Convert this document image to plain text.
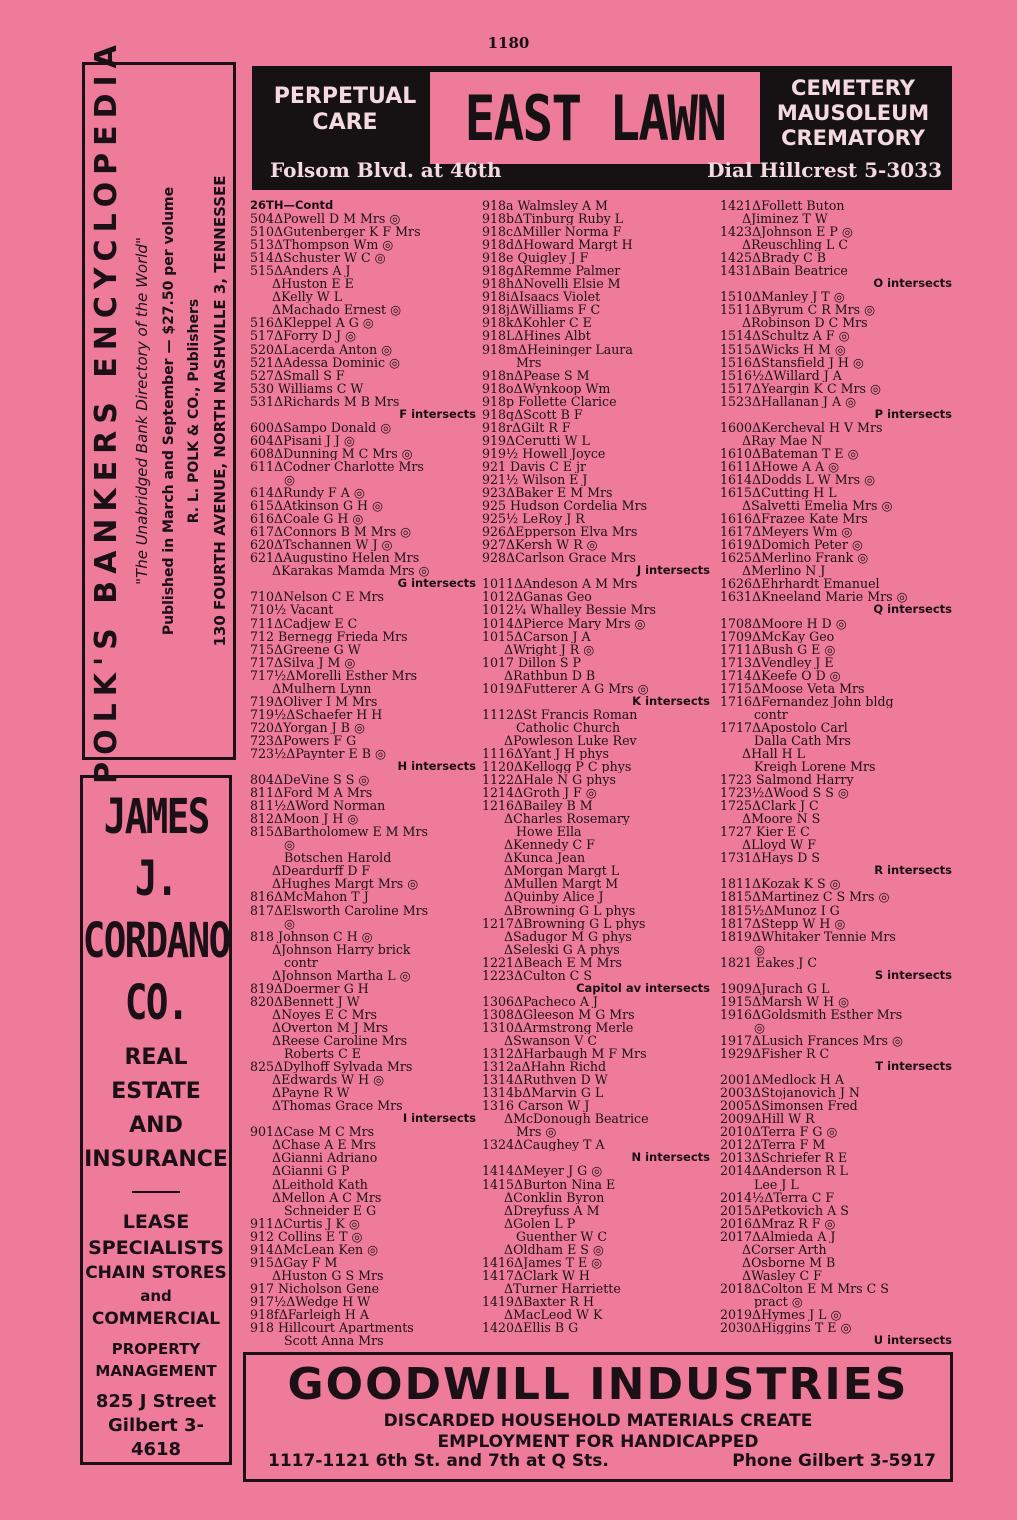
1180
POLK'S BANKERS ENCYCLOPEDIA "The Unabridged Bank Directory of the World" Published in March and September — $27.50 per volume R. L. POLK & CO., Publishers 130 FOURTH AVENUE, NORTH NASHVILLE 3, TENNESSEE
JAMES
J.
CORDANO
CO.
REAL
ESTATE
AND
INSURANCE
LEASE
SPECIALISTS
CHAIN STORES
and
COMMERCIAL
PROPERTY
MANAGEMENT
825 J Street
Gilbert 3-4618
PERPETUAL
CARE	EAST LAWN	CEMETERY
MAUSOLEUM
CREMATORY
Folsom Blvd. at 46th	Dial Hillcrest 5-3033
26TH—Contd
504ΔPowell D M Mrs ◎
510ΔGutenberger K F Mrs
513ΔThompson Wm ◎
514ΔSchuster W C ◎
515ΔAnders A J
ΔHuston E E
ΔKelly W L
ΔMachado Ernest ◎
516ΔKleppel A G ◎
517ΔForry D J ◎
520ΔLacerda Anton ◎
521ΔAdessa Dominic ◎
527ΔSmall S F
530 Williams C W
531ΔRichards M B Mrs
F intersects
600ΔSampo Donald ◎
604ΔPisani J J ◎
608ΔDunning M C Mrs ◎
611ΔCodner Charlotte Mrs
◎
614ΔRundy F A ◎
615ΔAtkinson G H ◎
616ΔCoale G H ◎
617ΔConnors B M Mrs ◎
620ΔTschannen W J ◎
621ΔAugustino Helen Mrs
ΔKarakas Mamda Mrs ◎
G intersects
710ΔNelson C E Mrs
710½ Vacant
711ΔCadjew E C
712 Bernegg Frieda Mrs
715ΔGreene G W
717ΔSilva J M ◎
717½ΔMorelli Esther Mrs
ΔMulhern Lynn
719ΔOliver I M Mrs
719½ΔSchaefer H H
720ΔYorgan J B ◎
723ΔPowers F G
723½ΔPaynter E B ◎
H intersects
804ΔDeVine S S ◎
811ΔFord M A Mrs
811½ΔWord Norman
812ΔMoon J H ◎
815ΔBartholomew E M Mrs
◎
Botschen Harold
ΔDeardurff D F
ΔHughes Margt Mrs ◎
816ΔMcMahon T J
817ΔElsworth Caroline Mrs
◎
818 Johnson C H ◎
ΔJohnson Harry brick
contr
ΔJohnson Martha L ◎
819ΔDoermer G H
820ΔBennett J W
ΔNoyes E C Mrs
ΔOverton M J Mrs
ΔReese Caroline Mrs
Roberts C E
825ΔDylhoff Sylvada Mrs
ΔEdwards W H ◎
ΔPayne R W
ΔThomas Grace Mrs
I intersects
901ΔCase M C Mrs
ΔChase A E Mrs
ΔGianni Adriano
ΔGianni G P
ΔLeithold Kath
ΔMellon A C Mrs
Schneider E G
911ΔCurtis J K ◎
912 Collins E T ◎
914ΔMcLean Ken ◎
915ΔGay F M
ΔHuston G S Mrs
917 Nicholson Gene
917½ΔWedge H W
918fΔFarleigh H A
918 Hillcourt Apartments
Scott Anna Mrs
918a Walmsley A M
918bΔTinburg Ruby L
918cΔMiller Norma F
918dΔHoward Margt H
918e Quigley J F
918gΔRemme Palmer
918hΔNovelli Elsie M
918iΔIsaacs Violet
918jΔWilliams F C
918kΔKohler C E
918LΔHines Albt
918mΔHeininger Laura
Mrs
918nΔPease S M
918oΔWynkoop Wm
918p Follette Clarice
918qΔScott B F
918rΔGilt R F
919ΔCerutti W L
919½ Howell Joyce
921 Davis C E jr
921½ Wilson E J
923ΔBaker E M Mrs
925 Hudson Cordelia Mrs
925½ LeRoy J R
926ΔEpperson Elva Mrs
927ΔKersh W R ◎
928ΔCarlson Grace Mrs
J intersects
1011ΔAndeson A M Mrs
1012ΔGanas Geo
1012¼ Whalley Bessie Mrs
1014ΔPierce Mary Mrs ◎
1015ΔCarson J A
ΔWright J R ◎
1017 Dillon S P
ΔRathbun D B
1019ΔFutterer A G Mrs ◎
K intersects
1112ΔSt Francis Roman
Catholic Church
ΔPowleson Luke Rev
1116ΔYant J H phys
1120ΔKellogg P C phys
1122ΔHale N G phys
1214ΔGroth J F ◎
1216ΔBailey B M
ΔCharles Rosemary
Howe Ella
ΔKennedy C F
ΔKunca Jean
ΔMorgan Margt L
ΔMullen Margt M
ΔQuinby Alice J
ΔBrowning G L phys
1217ΔBrowning G L phys
ΔSadugor M G phys
ΔSeleski G A phys
1221ΔBeach E M Mrs
1223ΔCulton C S
Capitol av intersects
1306ΔPacheco A J
1308ΔGleeson M G Mrs
1310ΔArmstrong Merle
ΔSwanson V C
1312ΔHarbaugh M F Mrs
1312aΔHahn Richd
1314ΔRuthven D W
1314bΔMarvin G L
1316 Carson W J
ΔMcDonough Beatrice
Mrs ◎
1324ΔCaughey T A
N intersects
1414ΔMeyer J G ◎
1415ΔBurton Nina E
ΔConklin Byron
ΔDreyfuss A M
ΔGolen L P
Guenther W C
ΔOldham E S ◎
1416ΔJames T E ◎
1417ΔClark W H
ΔTurner Harriette
1419ΔBaxter R H
ΔMacLeod W K
1420ΔEllis B G
1421ΔFollett Buton
ΔJiminez T W
1423ΔJohnson E P ◎
ΔReuschling L C
1425ΔBrady C B
1431ΔBain Beatrice
O intersects
1510ΔManley J T ◎
1511ΔByrum C R Mrs ◎
ΔRobinson D C Mrs
1514ΔSchultz A F ◎
1515ΔWicks H M ◎
1516ΔStansfield J H ◎
1516½ΔWillard J A
1517ΔYeargin K C Mrs ◎
1523ΔHallanan J A ◎
P intersects
1600ΔKercheval H V Mrs
ΔRay Mae N
1610ΔBateman T E ◎
1611ΔHowe A A ◎
1614ΔDodds L W Mrs ◎
1615ΔCutting H L
ΔSalvetti Emelia Mrs ◎
1616ΔFrazee Kate Mrs
1617ΔMeyers Wm ◎
1619ΔDomich Peter ◎
1625ΔMerlino Frank ◎
ΔMerlino N J
1626ΔEhrhardt Emanuel
1631ΔKneeland Marie Mrs ◎
Q intersects
1708ΔMoore H D ◎
1709ΔMcKay Geo
1711ΔBush G E ◎
1713ΔVendley J E
1714ΔKeefe O D ◎
1715ΔMoose Veta Mrs
1716ΔFernandez John bldg
contr
1717ΔApostolo Carl
Dalla Cath Mrs
ΔHall H L
Kreigh Lorene Mrs
1723 Salmond Harry
1723½ΔWood S S ◎
1725ΔClark J C
ΔMoore N S
1727 Kier E C
ΔLloyd W F
1731ΔHays D S
R intersects
1811ΔKozak K S ◎
1815ΔMartinez C S Mrs ◎
1815½ΔMunoz I G
1817ΔStepp W H ◎
1819ΔWhitaker Tennie Mrs
◎
1821 Eakes J C
S intersects
1909ΔJurach G L
1915ΔMarsh W H ◎
1916ΔGoldsmith Esther Mrs
◎
1917ΔLusich Frances Mrs ◎
1929ΔFisher R C
T intersects
2001ΔMedlock H A
2003ΔStojanovich J N
2005ΔSimonsen Fred
2009ΔHill W R
2010ΔTerra F G ◎
2012ΔTerra F M
2013ΔSchriefer R E
2014ΔAnderson R L
Lee J L
2014½ΔTerra C F
2015ΔPetkovich A S
2016ΔMraz R F ◎
2017ΔAlmieda A J
ΔCorser Arth
ΔOsborne M B
ΔWasley C F
2018ΔColton E M Mrs C S
pract ◎
2019ΔHymes J L ◎
2030ΔHiggins T E ◎
U intersects
GOODWILL INDUSTRIES
DISCARDED HOUSEHOLD MATERIALS CREATE
EMPLOYMENT FOR HANDICAPPED
1117-1121 6th St. and 7th at Q Sts.	Phone Gilbert 3-5917
